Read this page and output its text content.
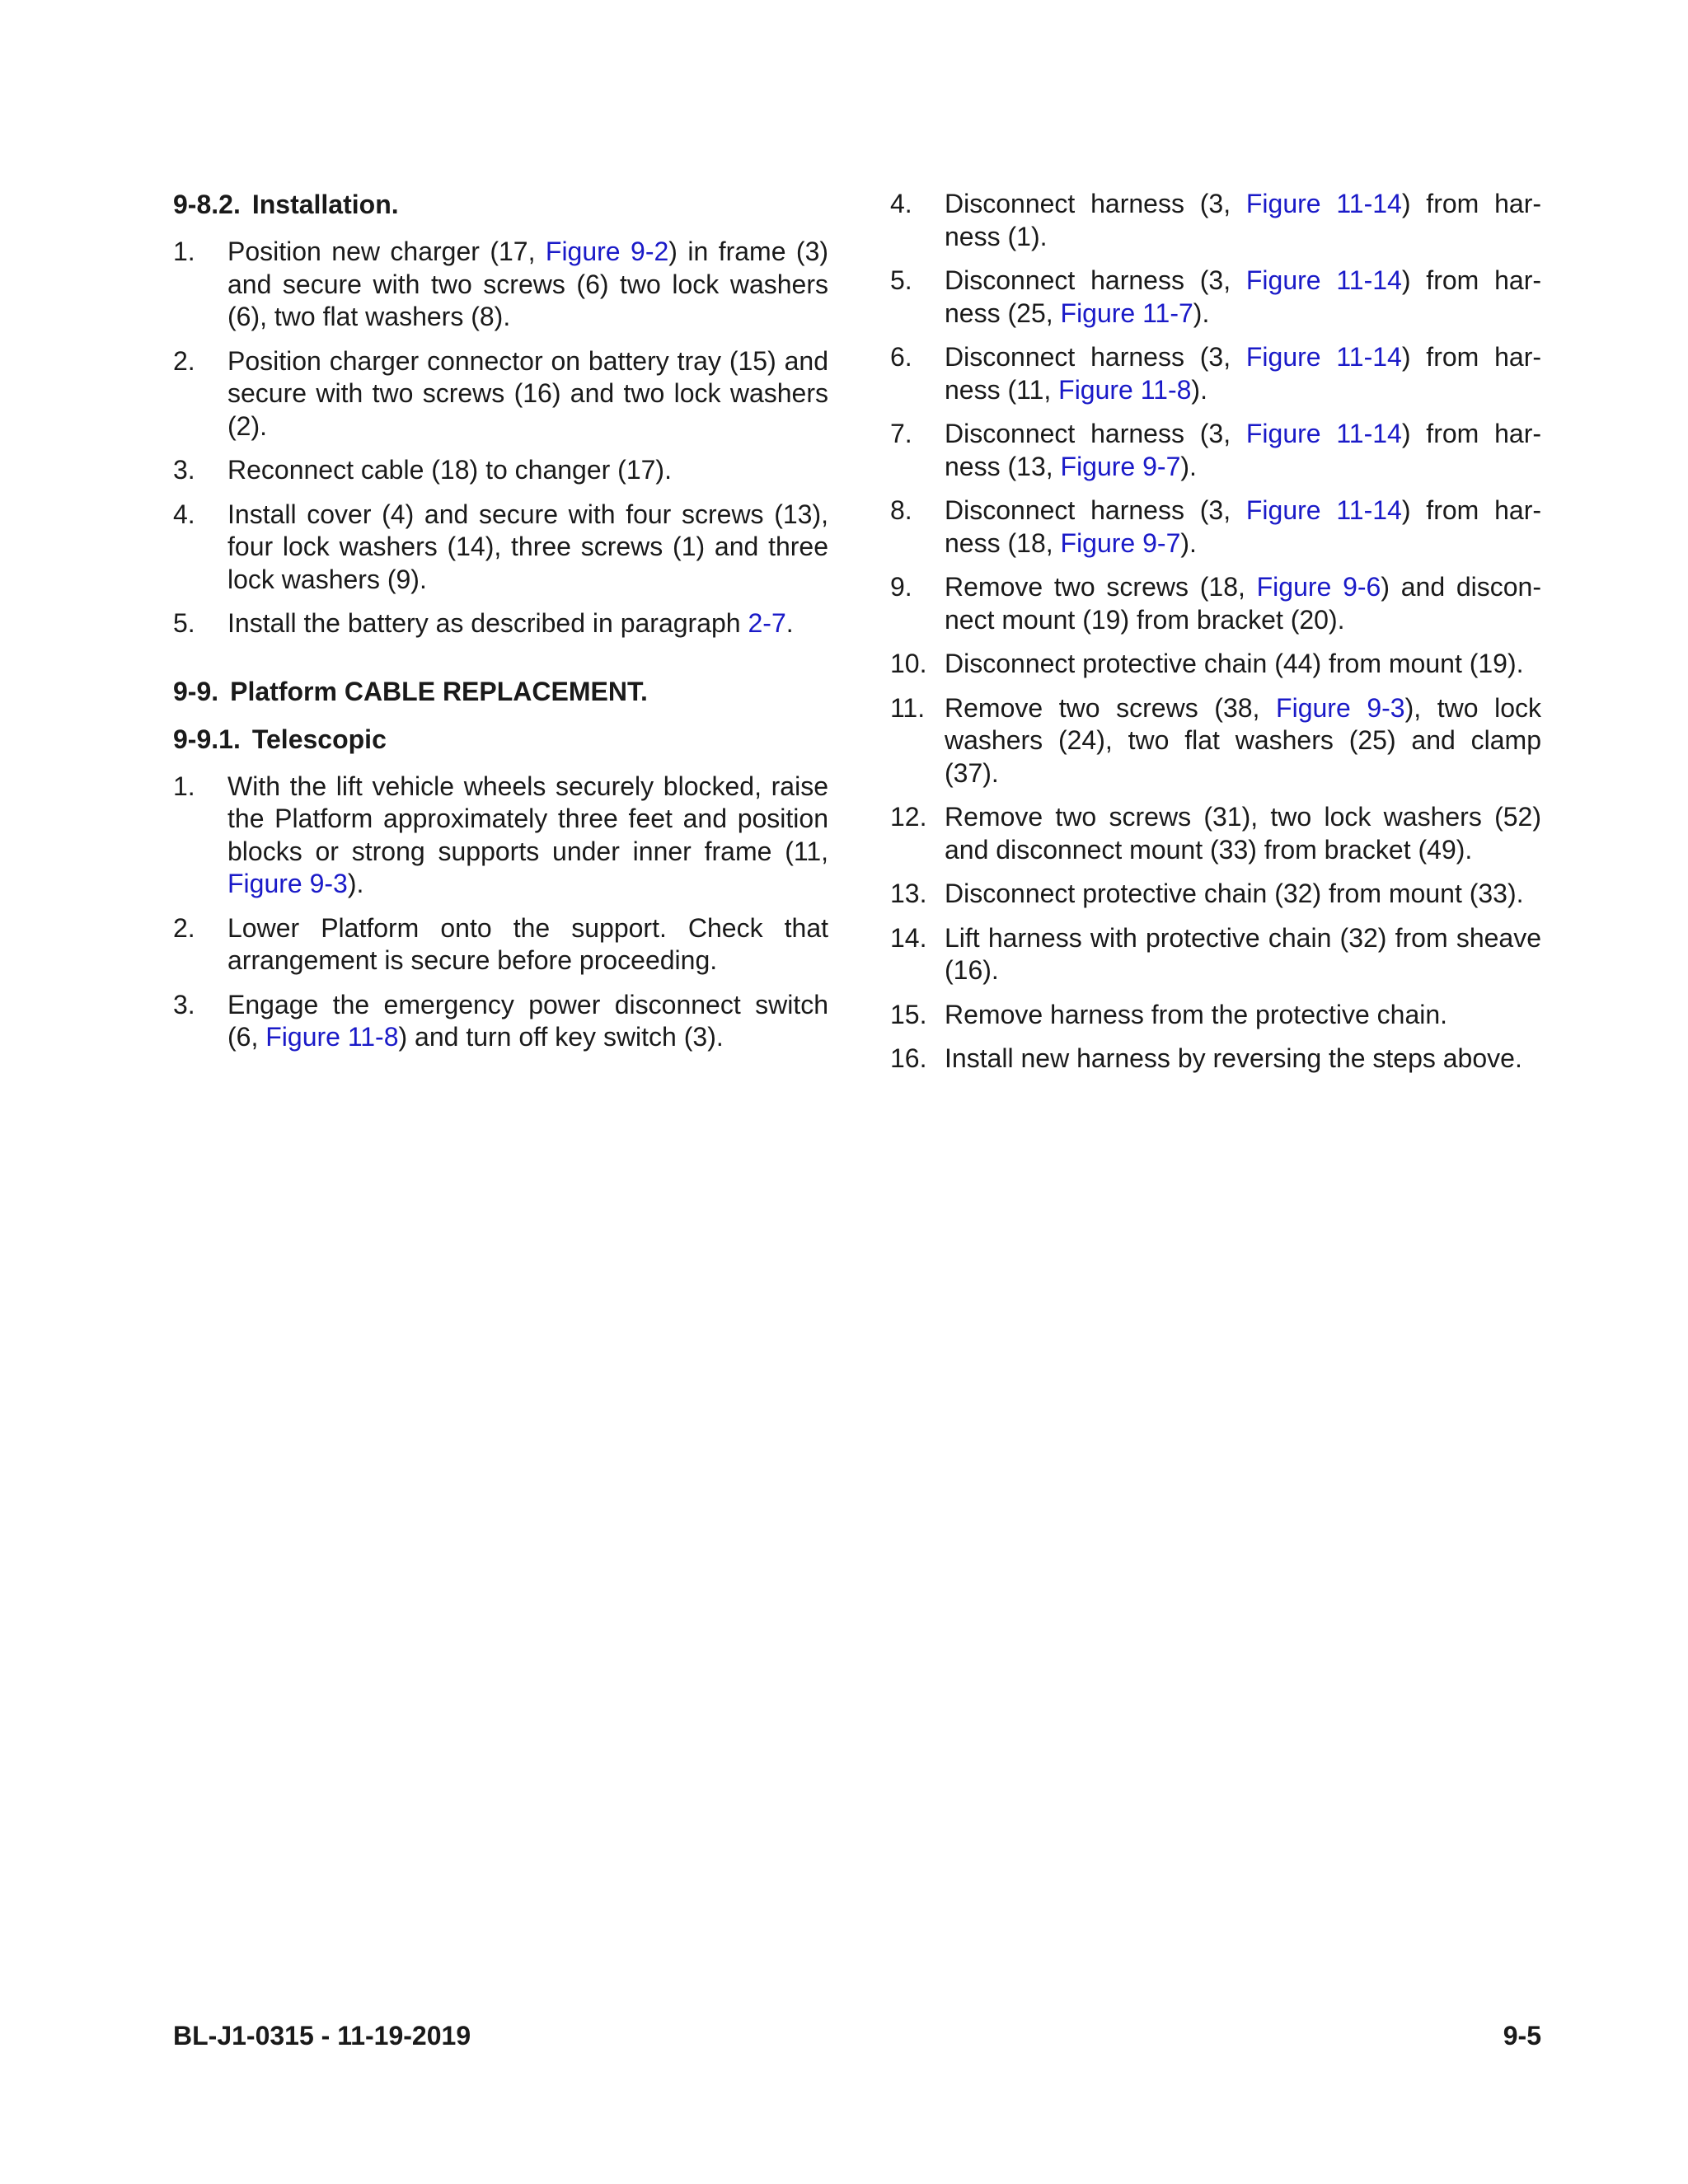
9-8.2. Installation.
1. Position new charger (17, Figure 9-2) in frame (3) and secure with two screws (6) two lock washers (6), two flat washers (8).
2. Position charger connector on battery tray (15) and secure with two screws (16) and two lock washers (2).
3. Reconnect cable (18) to changer (17).
4. Install cover (4) and secure with four screws (13), four lock washers (14), three screws (1) and three lock washers (9).
5. Install the battery as described in paragraph 2-7.
9-9. Platform CABLE REPLACEMENT.
9-9.1. Telescopic
1. With the lift vehicle wheels securely blocked, raise the Platform approximately three feet and position blocks or strong supports under inner frame (11, Figure 9-3).
2. Lower Platform onto the support. Check that arrangement is secure before proceeding.
3. Engage the emergency power disconnect switch (6, Figure 11-8) and turn off key switch (3).
4. Disconnect harness (3, Figure 11-14) from har-ness (1).
5. Disconnect harness (3, Figure 11-14) from har-ness (25, Figure 11-7).
6. Disconnect harness (3, Figure 11-14) from har-ness (11, Figure 11-8).
7. Disconnect harness (3, Figure 11-14) from har-ness (13, Figure 9-7).
8. Disconnect harness (3, Figure 11-14) from har-ness (18, Figure 9-7).
9. Remove two screws (18, Figure 9-6) and discon-nect mount (19) from bracket (20).
10. Disconnect protective chain (44) from mount (19).
11. Remove two screws (38, Figure 9-3), two lock washers (24), two flat washers (25) and clamp (37).
12. Remove two screws (31), two lock washers (52) and disconnect mount (33) from bracket (49).
13. Disconnect protective chain (32) from mount (33).
14. Lift harness with protective chain (32) from sheave (16).
15. Remove harness from the protective chain.
16. Install new harness by reversing the steps above.
BL-J1-0315 - 11-19-2019	9-5
